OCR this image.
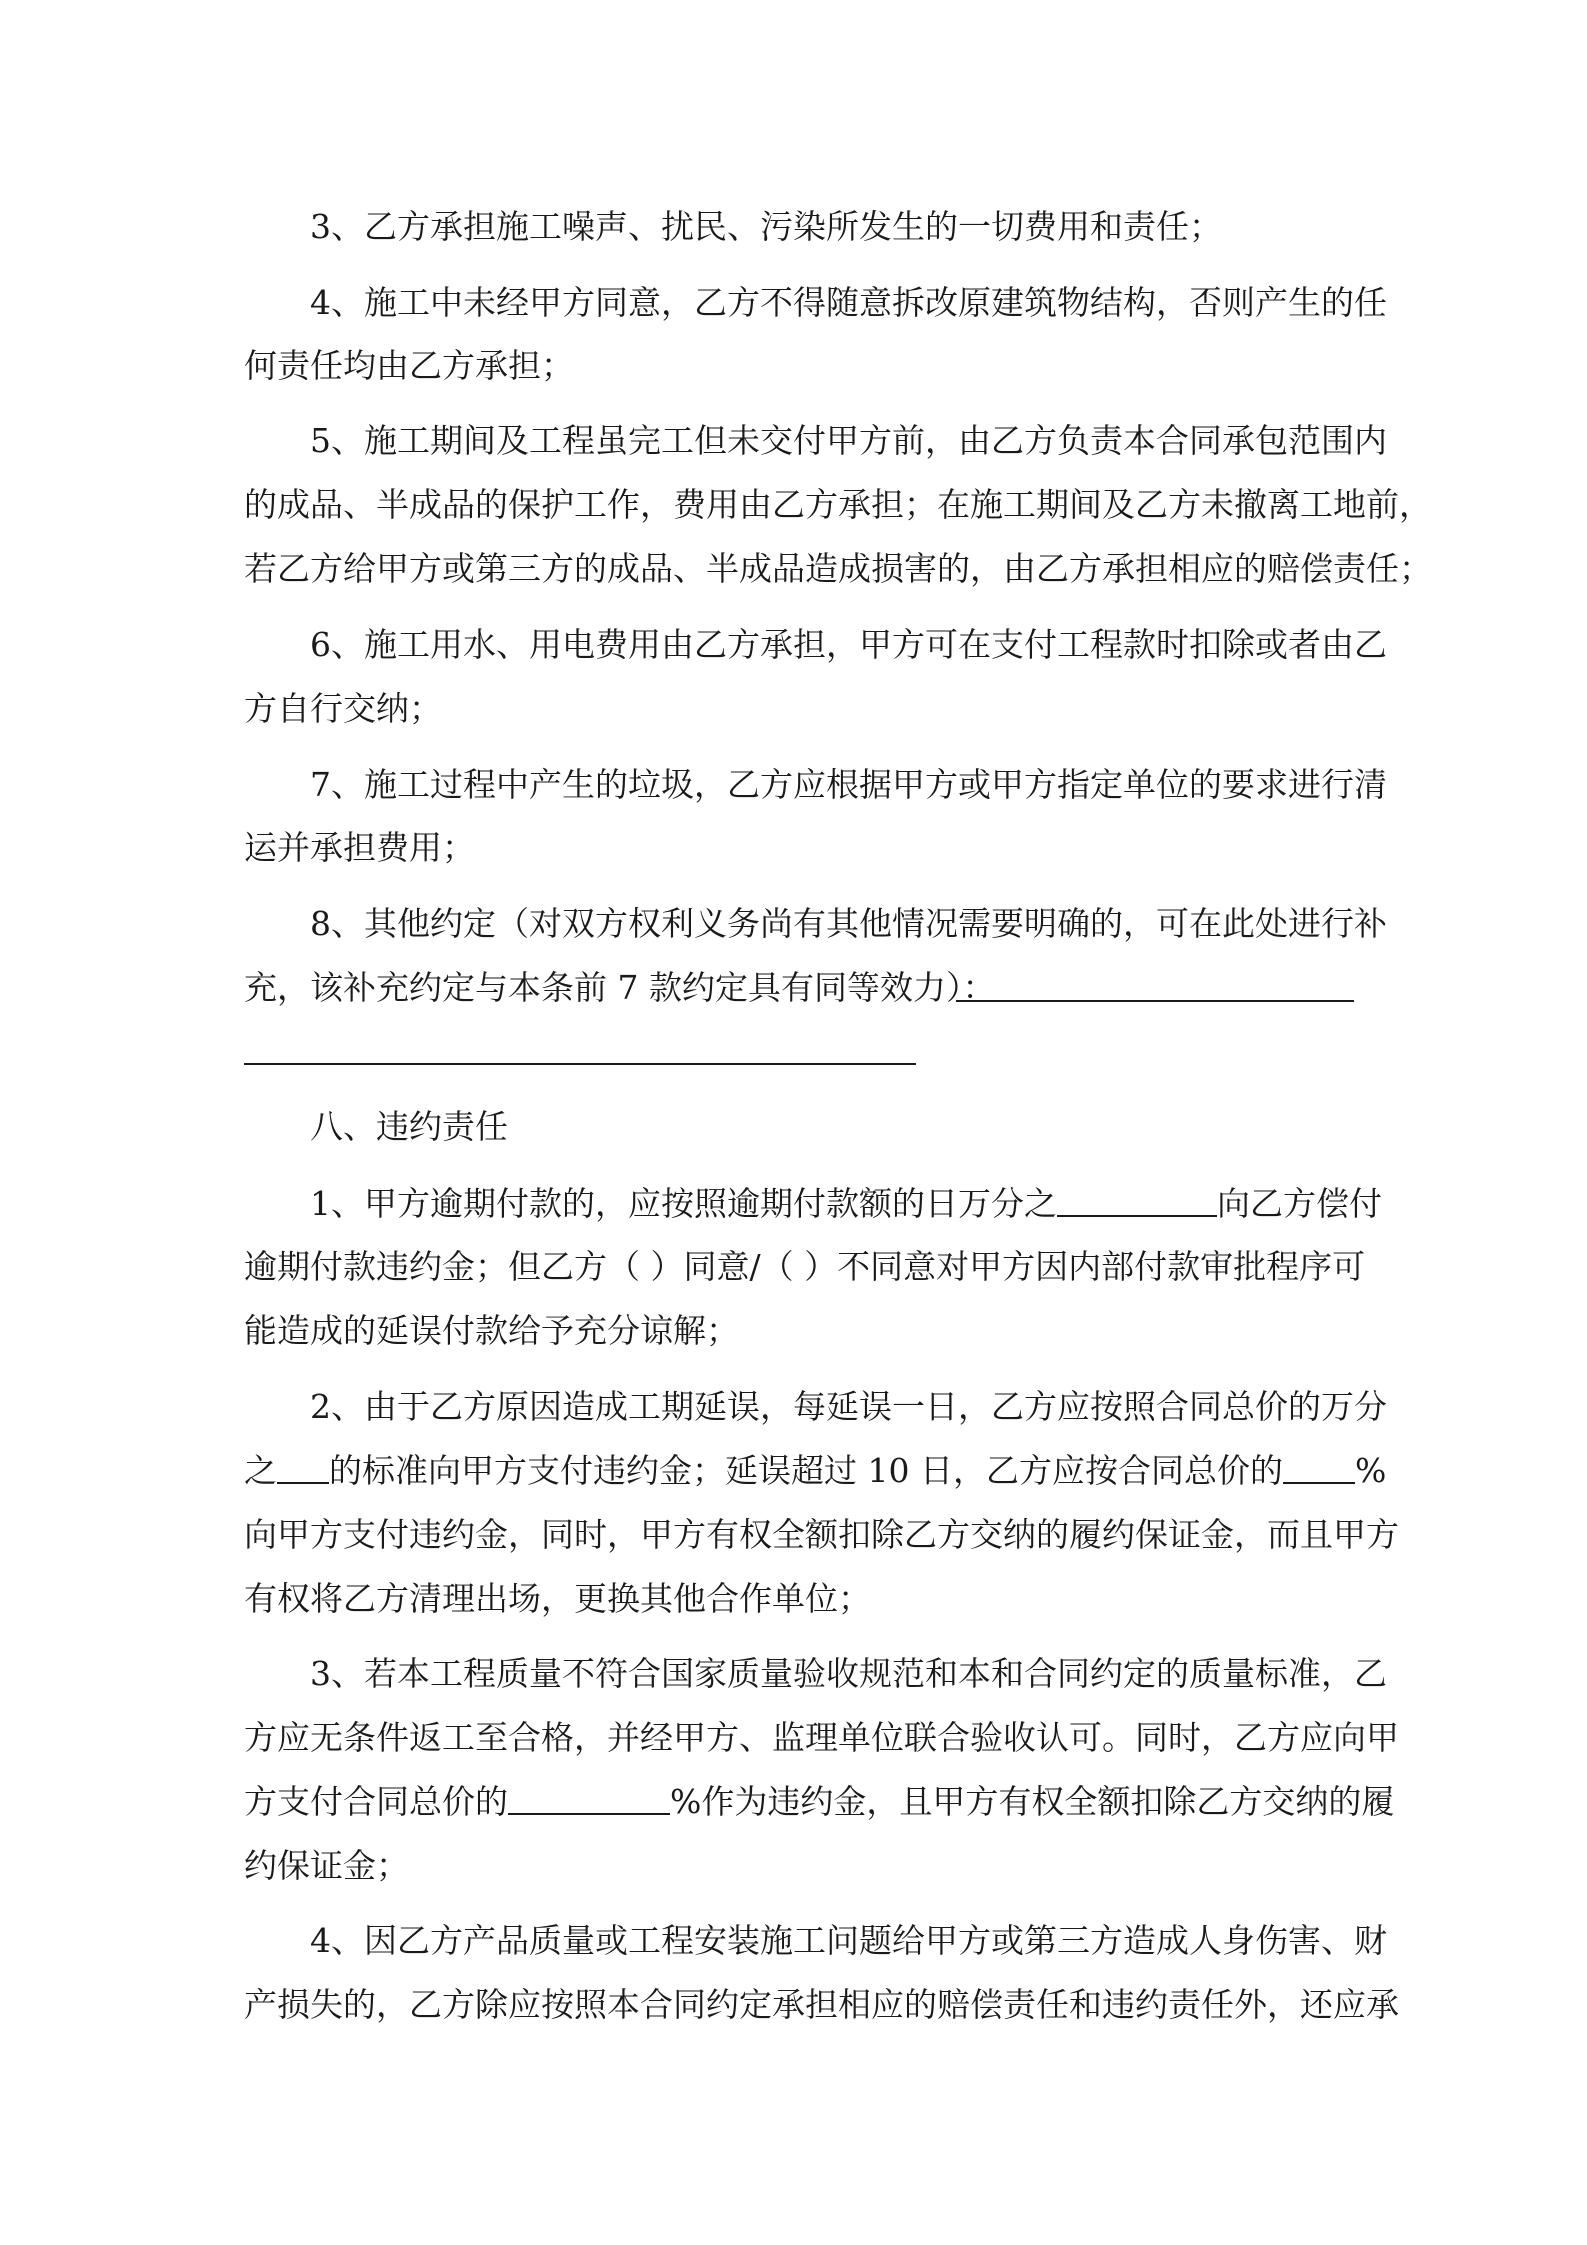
3、乙方承担施工噪声、扰民、污染所发生的一切费用和责任；
4、施工中未经甲方同意，乙方不得随意拆改原建筑物结构，否则产生的任
何责任均由乙方承担；
5、施工期间及工程虽完工但未交付甲方前，由乙方负责本合同承包范围内
的成品、半成品的保护工作，费用由乙方承担；在施工期间及乙方未撤离工地前，
若乙方给甲方或第三方的成品、半成品造成损害的，由乙方承担相应的赔偿责任；
6、施工用水、用电费用由乙方承担，甲方可在支付工程款时扣除或者由乙
方自行交纳；
7、施工过程中产生的垃圾，乙方应根据甲方或甲方指定单位的要求进行清
运并承担费用；
8、其他约定（对双方权利义务尚有其他情况需要明确的，可在此处进行补
充，该补充约定与本条前 7 款约定具有同等效力）：
八、违约责任
1、甲方逾期付款的，应按照逾期付款额的日万分之	向乙方偿付
逾期付款违约金；但乙方（ ）同意/（ ）不同意对甲方因内部付款审批程序可
能造成的延误付款给予充分谅解；
2、由于乙方原因造成工期延误，每延误一日，乙方应按照合同总价的万分
之 的标准向甲方支付违约金；延误超过 10 日，乙方应按合同总价的 %
向甲方支付违约金，同时，甲方有权全额扣除乙方交纳的履约保证金，而且甲方
有权将乙方清理出场，更换其他合作单位；
3、若本工程质量不符合国家质量验收规范和本和合同约定的质量标准，乙
方应无条件返工至合格，并经甲方、监理单位联合验收认可。同时，乙方应向甲
方支付合同总价的	%作为违约金，且甲方有权全额扣除乙方交纳的履
约保证金；
4、因乙方产品质量或工程安装施工问题给甲方或第三方造成人身伤害、财
产损失的，乙方除应按照本合同约定承担相应的赔偿责任和违约责任外，还应承
